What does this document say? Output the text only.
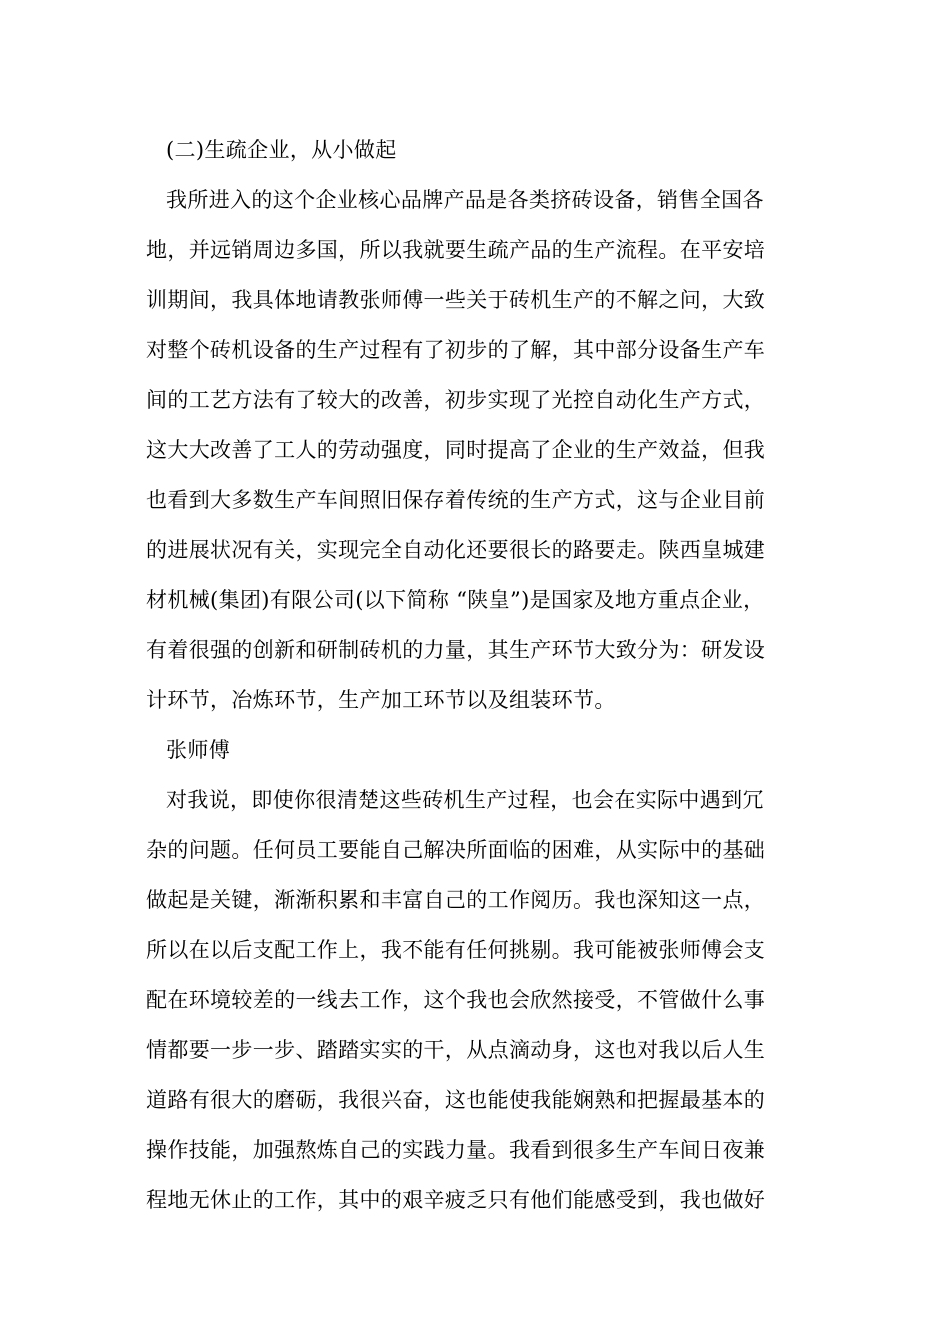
(二)生疏企业，从小做起
我所进入的这个企业核心品牌产品是各类挤砖设备，销售全国各
地，并远销周边多国，所以我就要生疏产品的生产流程。在平安培
训期间，我具体地请教张师傅一些关于砖机生产的不解之问，大致
对整个砖机设备的生产过程有了初步的了解，其中部分设备生产车
间的工艺方法有了较大的改善，初步实现了光控自动化生产方式，
这大大改善了工人的劳动强度，同时提高了企业的生产效益，但我
也看到大多数生产车间照旧保存着传统的生产方式，这与企业目前
的进展状况有关，实现完全自动化还要很长的路要走。陕西皇城建
材机械(集团)有限公司(以下简称 “陕皇”)是国家及地方重点企业，
有着很强的创新和研制砖机的力量，其生产环节大致分为：研发设
计环节，冶炼环节，生产加工环节以及组装环节。
张师傅
对我说，即使你很清楚这些砖机生产过程，也会在实际中遇到冗
杂的问题。任何员工要能自己解决所面临的困难，从实际中的基础
做起是关键，渐渐积累和丰富自己的工作阅历。我也深知这一点，
所以在以后支配工作上，我不能有任何挑剔。我可能被张师傅会支
配在环境较差的一线去工作，这个我也会欣然接受，不管做什么事
情都要一步一步、踏踏实实的干，从点滴动身，这也对我以后人生
道路有很大的磨砺，我很兴奋，这也能使我能娴熟和把握最基本的
操作技能，加强熬炼自己的实践力量。我看到很多生产车间日夜兼
程地无休止的工作，其中的艰辛疲乏只有他们能感受到，我也做好
